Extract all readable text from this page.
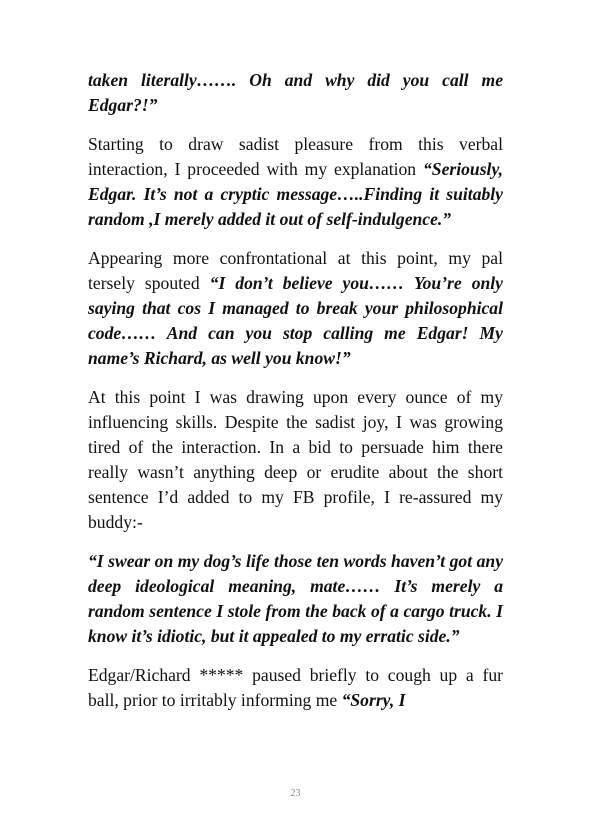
taken literally……. Oh and why did you call me Edgar?!”

Starting to draw sadist pleasure from this verbal interaction, I proceeded with my explanation “Seriously, Edgar. It’s not a cryptic message…..Finding it suitably random ,I merely added it out of self-indulgence.”

Appearing more confrontational at this point, my pal tersely spouted “I don’t believe you…… You’re only saying that cos I managed to break your philosophical code…… And can you stop calling me Edgar! My name’s Richard, as well you know!”

At this point I was drawing upon every ounce of my influencing skills. Despite the sadist joy, I was growing tired of the interaction. In a bid to persuade him there really wasn’t anything deep or erudite about the short sentence I’d added to my FB profile, I re-assured my buddy:-

“I swear on my dog’s life those ten words haven’t got any deep ideological meaning, mate…… It’s merely a random sentence I stole from the back of a cargo truck. I know it’s idiotic, but it appealed to my erratic side.”

Edgar/Richard ***** paused briefly to cough up a fur ball, prior to irritably informing me “Sorry, I

23
